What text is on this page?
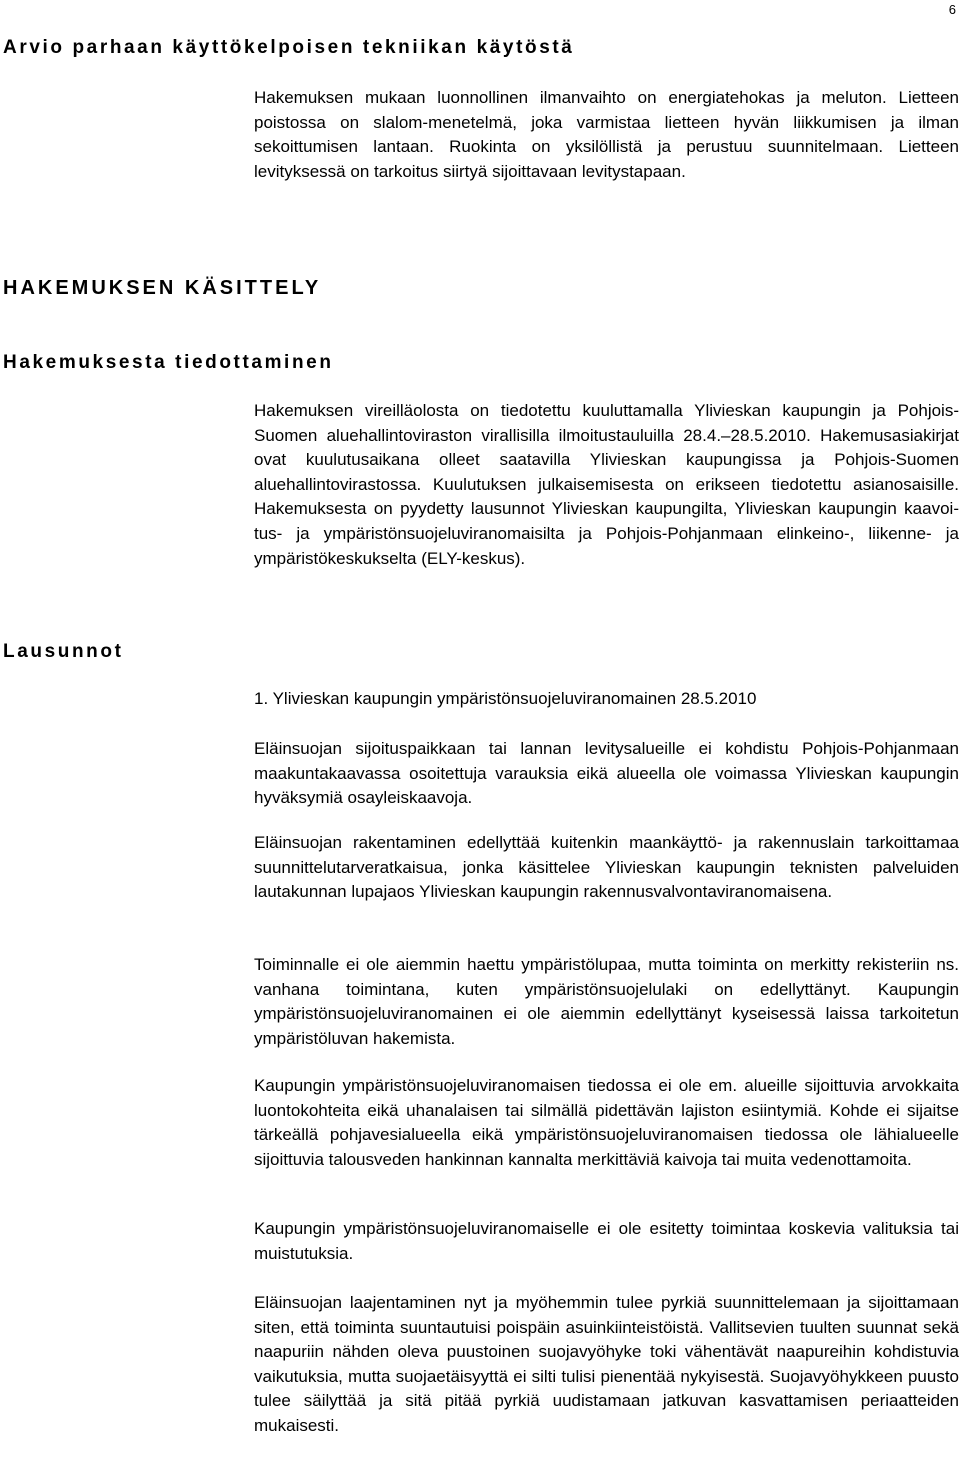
6
Arvio parhaan käyttökelpoisen tekniikan käytöstä

Hakemuksen mukaan luonnollinen ilmanvaihto on energiatehokas ja meluton. Lietteen poistossa on slalom-menetelmä, joka varmistaa lietteen hyvän liikkumisen ja ilman sekoittumisen lantaan. Ruokinta on yksilöllistä ja perustuu suunnitelmaan. Lietteen levityksessä on tarkoitus siirtyä sijoittavaan levitystapaan.

HAKEMUKSEN KÄSITTELY
Hakemuksesta tiedottaminen

Hakemuksen vireilläolosta on tiedotettu kuuluttamalla Ylivieskan kaupungin ja Pohjois-Suomen aluehallintoviraston virallisilla ilmoitustauluilla 28.4.–28.5.2010. Hakemusasiakirjat ovat kuulutusaikana olleet saatavilla Ylivieskan kaupungissa ja Pohjois-Suomen aluehallintovirastossa. Kuulutuksen julkaisemisesta on erikseen tiedotettu asianosaisille. Hakemuksesta on pyydetty lausunnot Ylivieskan kaupungilta, Ylivieskan kaupungin kaavoitus- ja ympäristönsuojeluviranomaisilta ja Pohjois-Pohjanmaan elinkeino-, liikenne- ja ympäristökeskukselta (ELY-keskus).

Lausunnot
1. Ylivieskan kaupungin ympäristönsuojeluviranomainen 28.5.2010

Eläinsuojan sijoituspaikkaan tai lannan levitysalueille ei kohdistu Pohjois-Pohjanmaan maakuntakaavassa osoitettuja varauksia eikä alueella ole voimassa Ylivieskan kaupungin hyväksymiä osayleiskaavoja.

Eläinsuojan rakentaminen edellyttää kuitenkin maankäyttö- ja rakennuslain tarkoittamaa suunnittelutarveratkaisua, jonka käsittelee Ylivieskan kaupungin teknisten palveluiden lautakunnan lupajaos Ylivieskan kaupungin rakennusvalvontaviranomaisena.

Toiminnalle ei ole aiemmin haettu ympäristölupaa, mutta toiminta on merkitty rekisteriin ns. vanhana toimintana, kuten ympäristönsuojelulaki on edellyttänyt. Kaupungin ympäristönsuojeluviranomainen ei ole aiemmin edellyttänyt kyseisessä laissa tarkoitetun ympäristöluvan hakemista.

Kaupungin ympäristönsuojeluviranomaisen tiedossa ei ole em. alueille sijoittuvia arvokkaita luontokohteita eikä uhanalaisen tai silmällä pidettävän lajiston esiintymiä. Kohde ei sijaitse tärkeällä pohjavesialueella eikä ympäristönsuojeluviranomaisen tiedossa ole lähialueelle sijoittuvia talousveden hankinnan kannalta merkittäviä kaivoja tai muita vedenottamoita.

Kaupungin ympäristönsuojeluviranomaiselle ei ole esitetty toimintaa koskevia valituksia tai muistutuksia.

Eläinsuojan laajentaminen nyt ja myöhemmin tulee pyrkiä suunnittelemaan ja sijoittamaan siten, että toiminta suuntautuisi poispäin asuinkiinteistöistä. Vallitsevien tuulten suunnat sekä naapuriin nähden oleva puustoinen suojavyöhyke toki vähentävät naapureihin kohdistuvia vaikutuksia, mutta suojaetäisyyttä ei silti tulisi pienentää nykyisestä. Suojavyöhykkeen puusto tulee säilyttää ja sitä pitää pyrkiä uudistamaan jatkuvan kasvattamisen periaatteiden mukaisesti.
